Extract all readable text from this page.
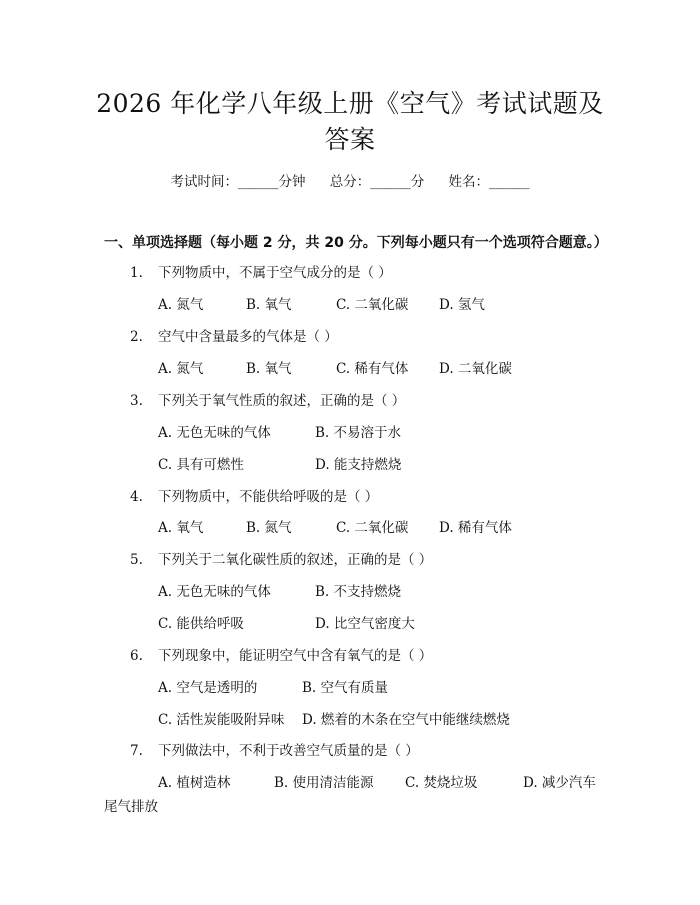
2026 年化学八年级上册《空气》考试试题及
答案
考试时间：______分钟 总分：______分 姓名：______
一、单项选择题（每小题 2 分，共 20 分。下列每小题只有一个选项符合题意。）
1. 下列物质中，不属于空气成分的是（ ）
A. 氮气	B. 氧气	C. 二氧化碳 D. 氢气
2. 空气中含量最多的气体是（ ）
A. 氮气	B. 氧气	C. 稀有气体 D. 二氧化碳
3. 下列关于氧气性质的叙述，正确的是（ ）
A. 无色无味的气体	B. 不易溶于水
C. 具有可燃性	D. 能支持燃烧
4. 下列物质中，不能供给呼吸的是（ ）
A. 氧气	B. 氮气	C. 二氧化碳 D. 稀有气体
5. 下列关于二氧化碳性质的叙述，正确的是（ ）
A. 无色无味的气体	B. 不支持燃烧
C. 能供给呼吸	D. 比空气密度大
6. 下列现象中，能证明空气中含有氧气的是（ ）
A. 空气是透明的	B. 空气有质量
C. 活性炭能吸附异味 D. 燃着的木条在空气中能继续燃烧
7. 下列做法中，不利于改善空气质量的是（ ）
A. 植树造林	B. 使用清洁能源 C. 焚烧垃圾	D. 减少汽车
尾气排放
